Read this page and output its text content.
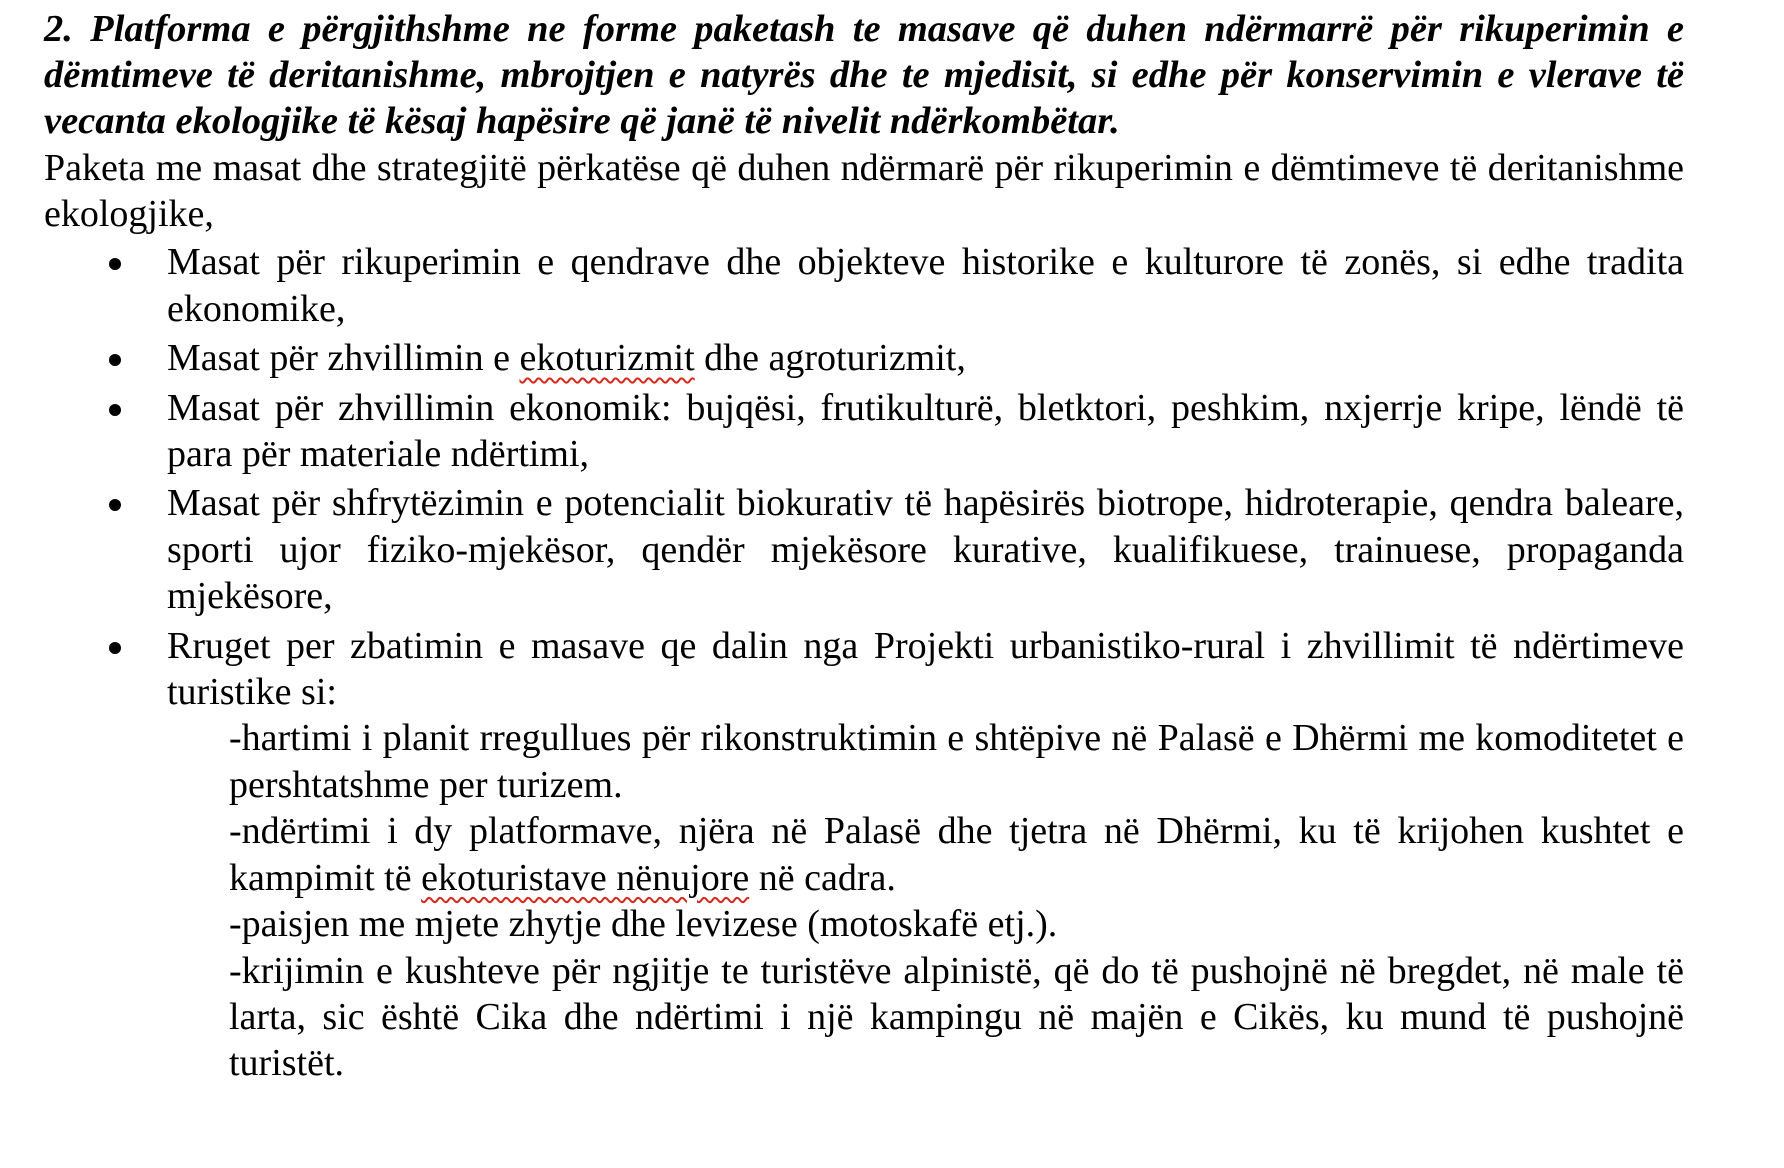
2. Platforma e përgjithshme ne forme paketash te masave që duhen ndërmarrë për rikuperimin e dëmtimeve të deritanishme, mbrojtjen e natyrës dhe te mjedisit, si edhe për konservimin e vlerave të vecanta ekologjike të kësaj hapësire që janë të nivelit ndërkombëtar.

Paketa me masat dhe strategjitë përkatëse që duhen ndërmarë për rikuperimin e dëmtimeve të deritanishme ekologjike,

Masat për rikuperimin e qendrave dhe objekteve historike e kulturore të zonës, si edhe tradita ekonomike,
Masat për zhvillimin e ekoturizmit dhe agroturizmit,
Masat për zhvillimin ekonomik: bujqësi, frutikulturë, bletktori, peshkim, nxjerrje kripe, lëndë të para për materiale ndërtimi,
Masat për shfrytëzimin e potencialit biokurativ të hapësirës biotrope, hidroterapie, qendra baleare, sporti ujor fiziko-mjekësor, qendër mjekësore kurative, kualifikuese, trainuese, propaganda mjekësore,
Rruget per zbatimin e masave qe dalin nga Projekti urbanistiko-rural i zhvillimit të ndërtimeve turistike si:

-hartimi i planit rregullues për rikonstruktimin e shtëpive në Palasë e Dhërmi me komoditetet e pershtatshme per turizem.

-ndërtimi i dy platformave, njëra në Palasë dhe tjetra në Dhërmi, ku të krijohen kushtet e kampimit të ekoturistave nënujore në cadra.

-paisjen me mjete zhytje dhe levizese (motoskafë etj.).

-krijimin e kushteve për ngjitje te turistëve alpinistë, që do të pushojnë në bregdet, në male të larta, sic është Cika dhe ndërtimi i një kampingu në majën e Cikës, ku mund të pushojnë turistët.
